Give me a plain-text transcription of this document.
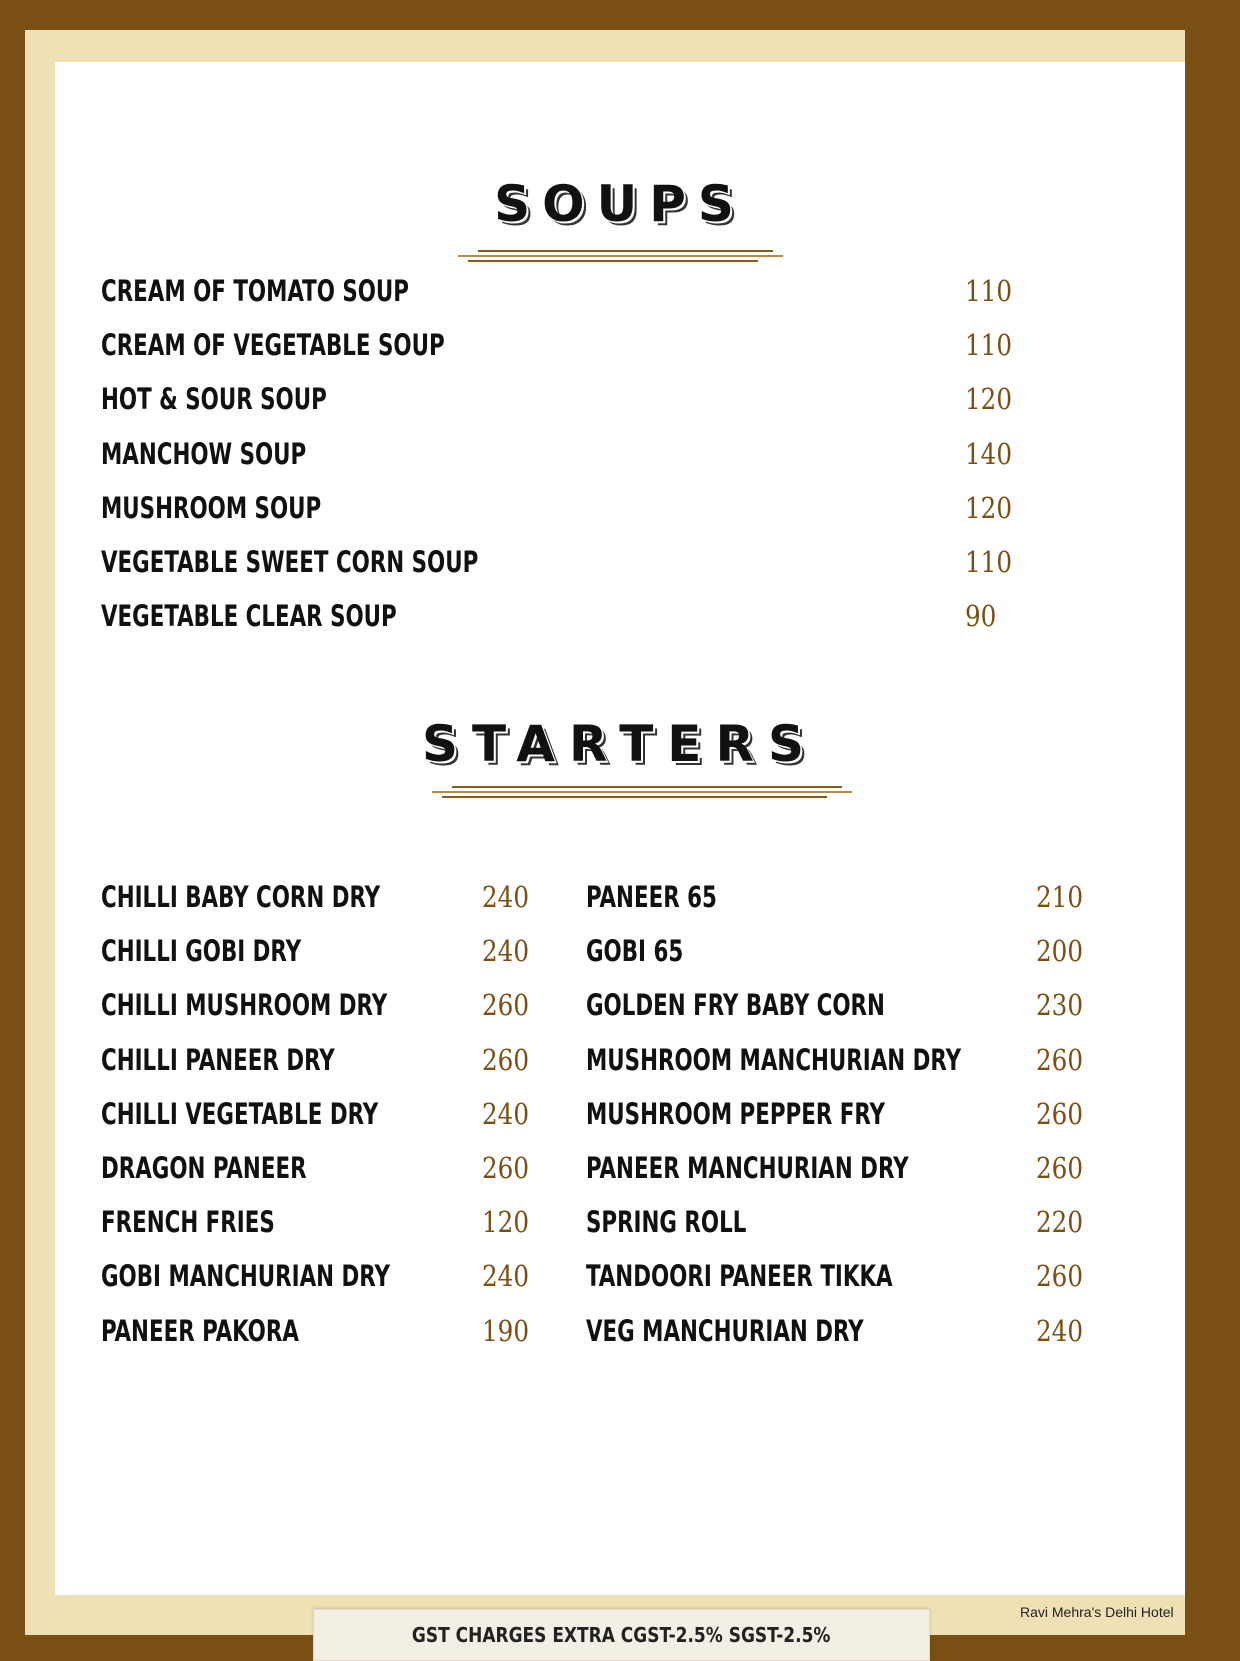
SOUPS
CREAM OF TOMATO SOUP	110
CREAM OF VEGETABLE SOUP	110
HOT & SOUR SOUP	120
MANCHOW SOUP	140
MUSHROOM SOUP	120
VEGETABLE SWEET CORN SOUP	110
VEGETABLE CLEAR SOUP	90
STARTERS
CHILLI BABY CORN DRY	240
CHILLI GOBI DRY	240
CHILLI MUSHROOM DRY	260
CHILLI PANEER DRY	260
CHILLI VEGETABLE DRY	240
DRAGON PANEER	260
FRENCH FRIES	120
GOBI MANCHURIAN DRY	240
PANEER PAKORA	190
PANEER 65	210
GOBI 65	200
GOLDEN FRY BABY CORN	230
MUSHROOM MANCHURIAN DRY	260
MUSHROOM PEPPER FRY	260
PANEER MANCHURIAN DRY	260
SPRING ROLL	220
TANDOORI PANEER TIKKA	260
VEG MANCHURIAN DRY	240
GST CHARGES EXTRA CGST-2.5% SGST-2.5%
Ravi Mehra's Delhi Hotel
